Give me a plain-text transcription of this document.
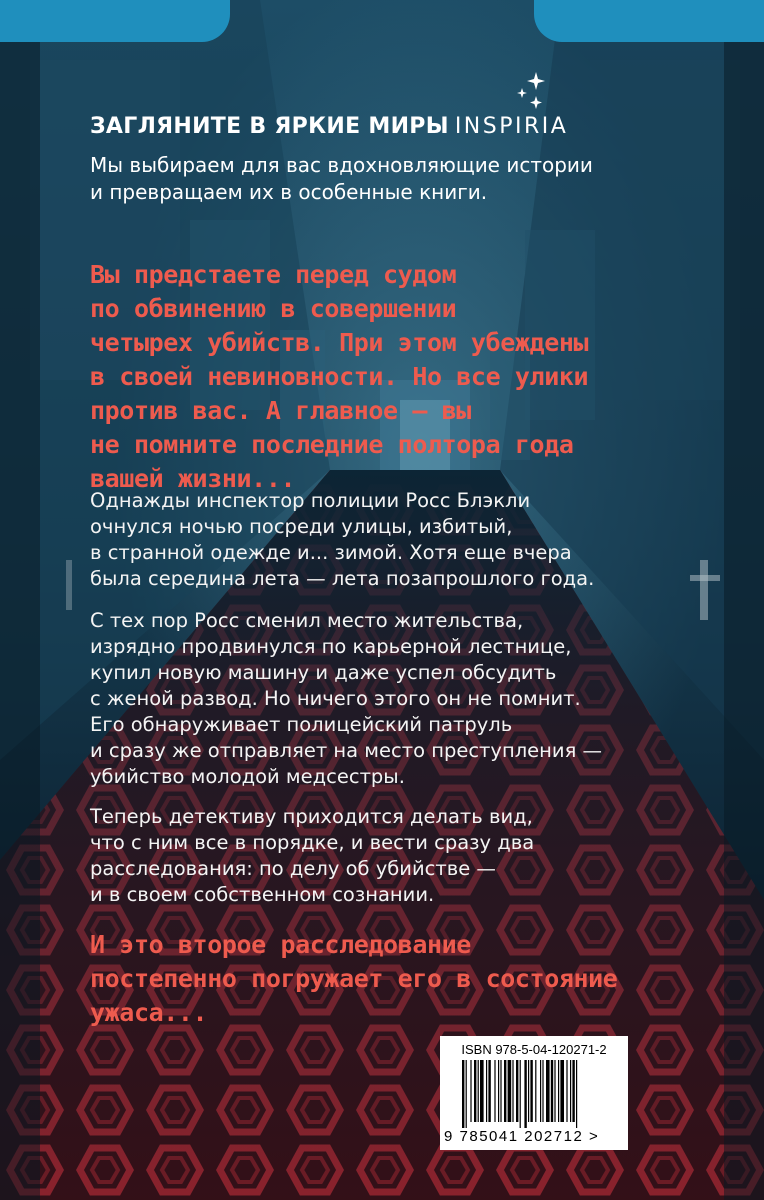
ЗАГЛЯНИТЕ В ЯРКИЕ МИРЫ INSPIRIA
Мы выбираем для вас вдохновляющие истории
и превращаем их в особенные книги.
Вы предстаете перед судом
по обвинению в совершении
четырех убийств. При этом убеждены
в своей невиновности. Но все улики
против вас. А главное — вы
не помните последние полтора года
вашей жизни...
Однажды инспектор полиции Росс Блэкли
очнулся ночью посреди улицы, избитый,
в странной одежде и... зимой. Хотя еще вчера
была середина лета — лета позапрошлого года.
С тех пор Росс сменил место жительства,
изрядно продвинулся по карьерной лестнице,
купил новую машину и даже успел обсудить
с женой развод. Но ничего этого он не помнит.
Его обнаруживает полицейский патруль
и сразу же отправляет на место преступления —
убийство молодой медсестры.
Теперь детективу приходится делать вид,
что с ним все в порядке, и вести сразу два
расследования: по делу об убийстве —
и в своем собственном сознании.
И это второе расследование
постепенно погружает его в состояние
ужаса...
ISBN 978-5-04-120271-2
9 785041 202712 >
